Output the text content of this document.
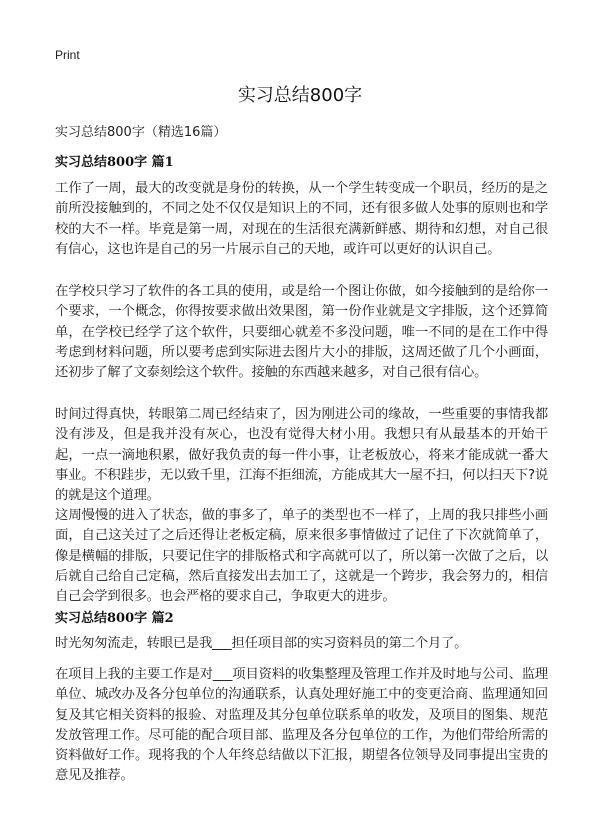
Print
实习总结800字
实习总结800字（精选16篇）
实习总结800字 篇1

工作了一周，最大的改变就是身份的转换，从一个学生转变成一个职员，经历的是之前所没接触到的，不同之处不仅仅是知识上的不同，还有很多做人处事的原则也和学校的大不一样。毕竟是第一周，对现在的生活很充满新鲜感、期待和幻想，对自己很有信心，这也许是自己的另一片展示自己的天地，或许可以更好的认识自己。

在学校只学习了软件的各工具的使用，或是给一个图让你做，如今接触到的是给你一个要求，一个概念，你得按要求做出效果图，第一份作业就是文字排版，这个还算简单，在学校已经学了这个软件，只要细心就差不多没问题，唯一不同的是在工作中得考虑到材料问题，所以要考虑到实际进去图片大小的排版，这周还做了几个小画面，还初步了解了文泰刻绘这个软件。接触的东西越来越多，对自己很有信心。

时间过得真快，转眼第二周已经结束了，因为刚进公司的缘故，一些重要的事情我都没有涉及，但是我并没有灰心，也没有觉得大材小用。我想只有从最基本的开始干起，一点一滴地积累，做好我负责的每一件小事，让老板放心，将来才能成就一番大事业。不积跬步，无以致千里，江海不拒细流，方能成其大一屋不扫，何以扫天下?说的就是这个道理。

这周慢慢的进入了状态，做的事多了，单子的类型也不一样了，上周的我只排些小画面，自己这关过了之后还得让老板定稿，原来很多事情做过了记住了下次就简单了，像是横幅的排版，只要记住字的排版格式和字高就可以了，所以第一次做了之后，以后就自己给自己定稿，然后直接发出去加工了，这就是一个跨步，我会努力的，相信自己会学到很多。也会严格的要求自己，争取更大的进步。

实习总结800字 篇2

时光匆匆流走，转眼已是我___担任项目部的实习资料员的第二个月了。

在项目上我的主要工作是对___项目资料的收集整理及管理工作并及时地与公司、监理单位、城改办及各分包单位的沟通联系，认真处理好施工中的变更洽商、监理通知回复及其它相关资料的报验、对监理及其分包单位联系单的收发，及项目的图集、规范发放管理工作。尽可能的配合项目部、监理及各分包单位的工作，为他们带给所需的资料做好工作。现将我的个人年终总结做以下汇报，期望各位领导及同事提出宝贵的意见及推荐。
